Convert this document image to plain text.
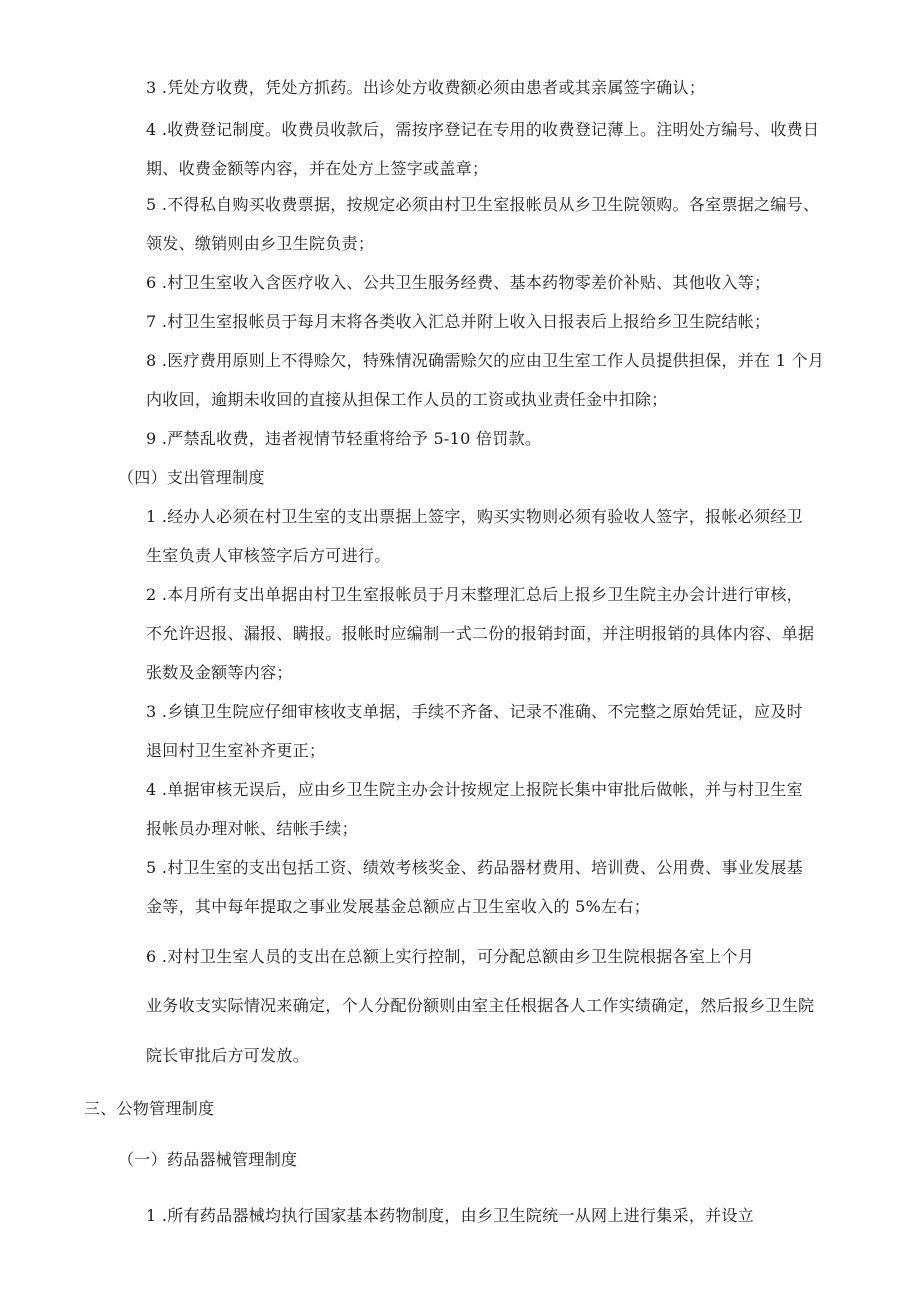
3 .凭处方收费，凭处方抓药。出诊处方收费额必须由患者或其亲属签字确认；
4 .收费登记制度。收费员收款后，需按序登记在专用的收费登记薄上。注明处方编号、收费日
期、收费金额等内容，并在处方上签字或盖章；
5 .不得私自购买收费票据，按规定必须由村卫生室报帐员从乡卫生院领购。各室票据之编号、
领发、缴销则由乡卫生院负责；
6 .村卫生室收入含医疗收入、公共卫生服务经费、基本药物零差价补贴、其他收入等；
7 .村卫生室报帐员于每月末将各类收入汇总并附上收入日报表后上报给乡卫生院结帐；
8 .医疗费用原则上不得赊欠，特殊情况确需赊欠的应由卫生室工作人员提供担保，并在 1 个月
内收回，逾期未收回的直接从担保工作人员的工资或执业责任金中扣除；
9 .严禁乱收费，违者视情节轻重将给予 5-10 倍罚款。
（四）支出管理制度
1 .经办人必须在村卫生室的支出票据上签字，购买实物则必须有验收人签字，报帐必须经卫
生室负责人审核签字后方可进行。
2 .本月所有支出单据由村卫生室报帐员于月末整理汇总后上报乡卫生院主办会计进行审核，
不允许迟报、漏报、瞒报。报帐时应编制一式二份的报销封面，并注明报销的具体内容、单据
张数及金额等内容；
3 .乡镇卫生院应仔细审核收支单据，手续不齐备、记录不准确、不完整之原始凭证，应及时
退回村卫生室补齐更正；
4 .单据审核无误后，应由乡卫生院主办会计按规定上报院长集中审批后做帐，并与村卫生室
报帐员办理对帐、结帐手续；
5 .村卫生室的支出包括工资、绩效考核奖金、药品器材费用、培训费、公用费、事业发展基
金等，其中每年提取之事业发展基金总额应占卫生室收入的 5%左右；
6 .对村卫生室人员的支出在总额上实行控制，可分配总额由乡卫生院根据各室上个月
业务收支实际情况来确定，个人分配份额则由室主任根据各人工作实绩确定，然后报乡卫生院
院长审批后方可发放。
三、公物管理制度
（一）药品器械管理制度
1 .所有药品器械均执行国家基本药物制度，由乡卫生院统一从网上进行集采，并设立
